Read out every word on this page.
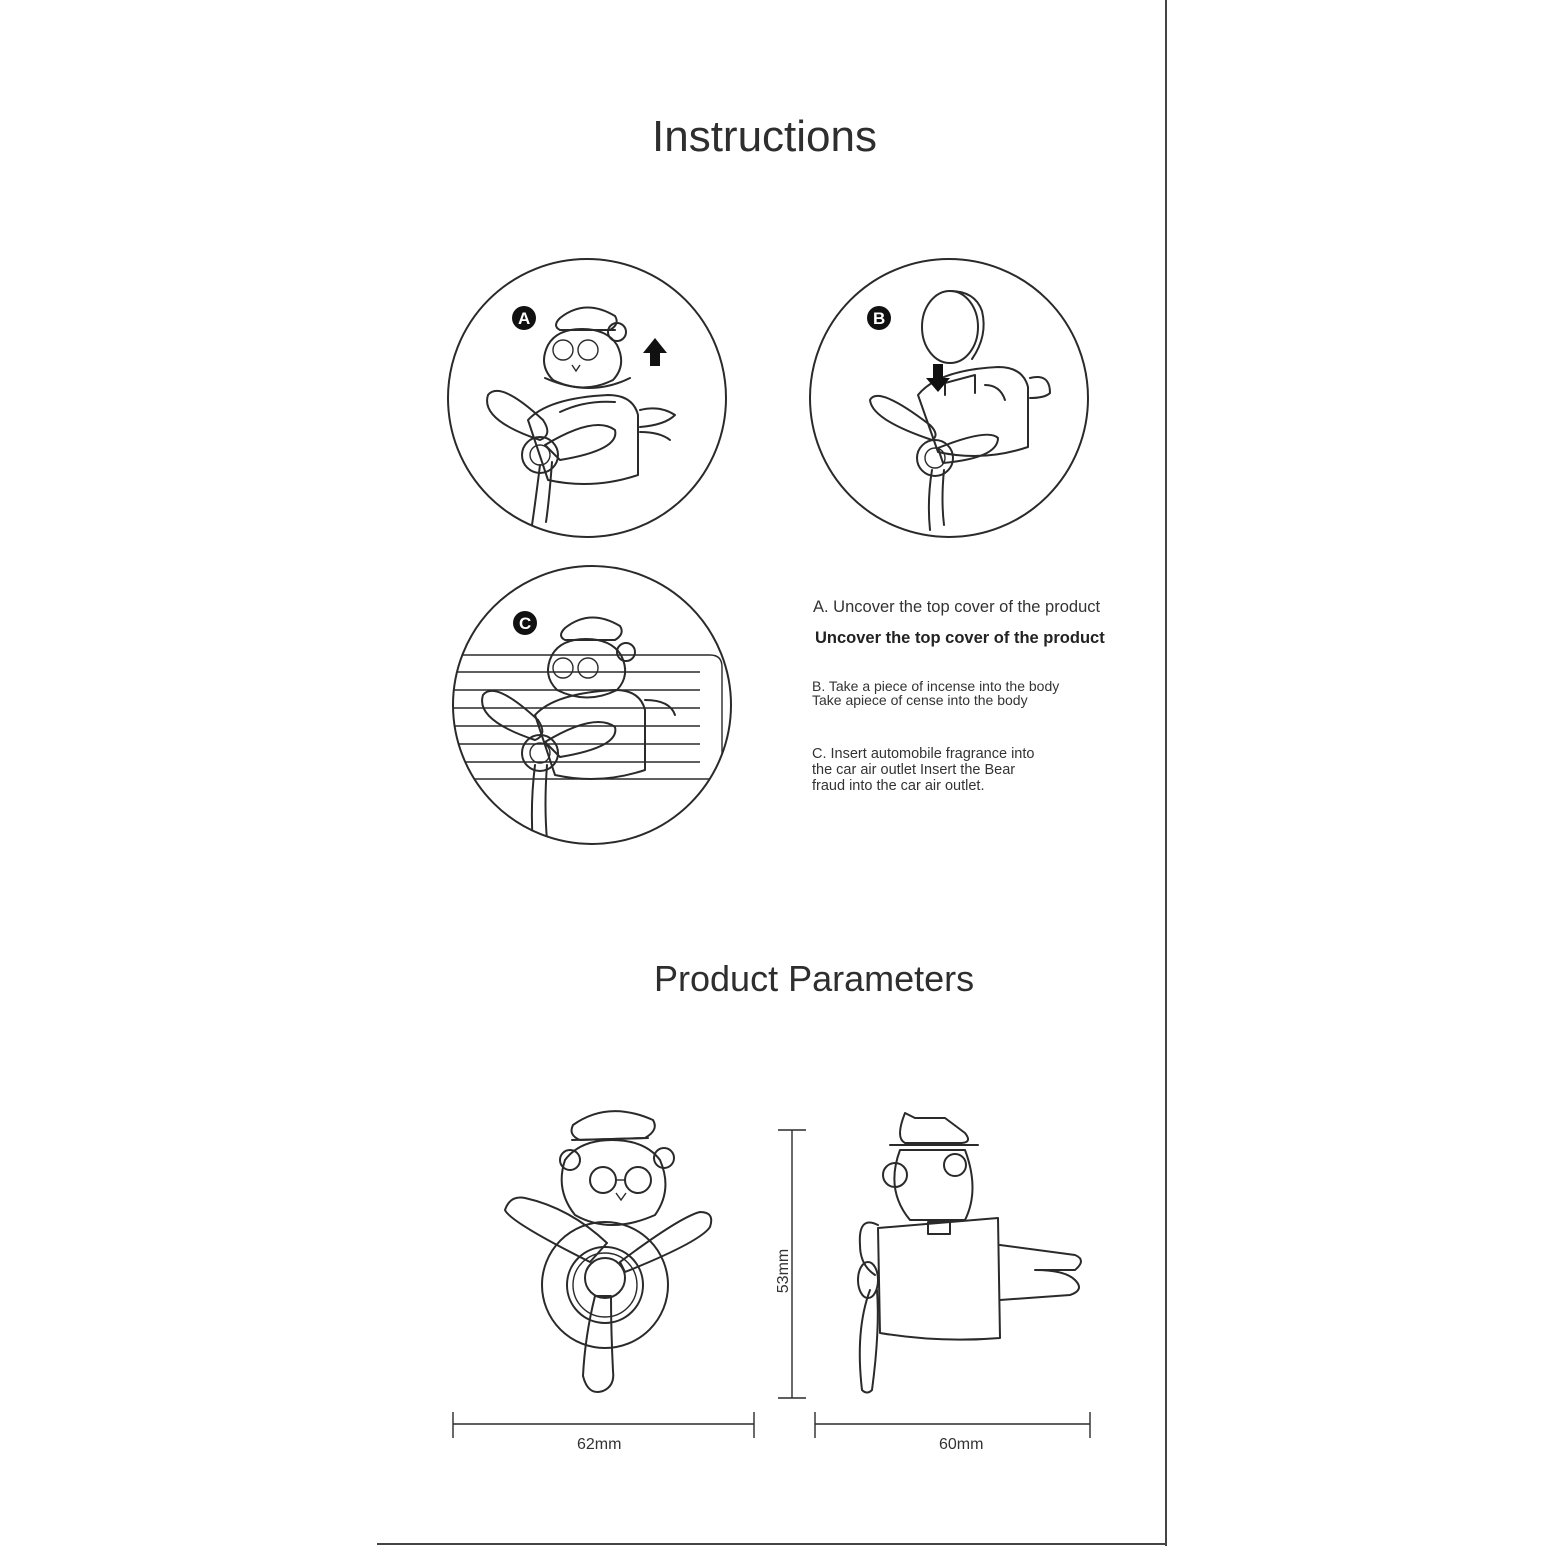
Instructions
Product Parameters
A	B
C
A. Uncover the top cover of the product
Uncover the top cover of the product
B. Take a piece of incense into the body
Take apiece of cense into the body
C. Insert automobile fragrance into
the car air outlet Insert the Bear
fraud into the car air outlet.
62mm	60mm
53mm
